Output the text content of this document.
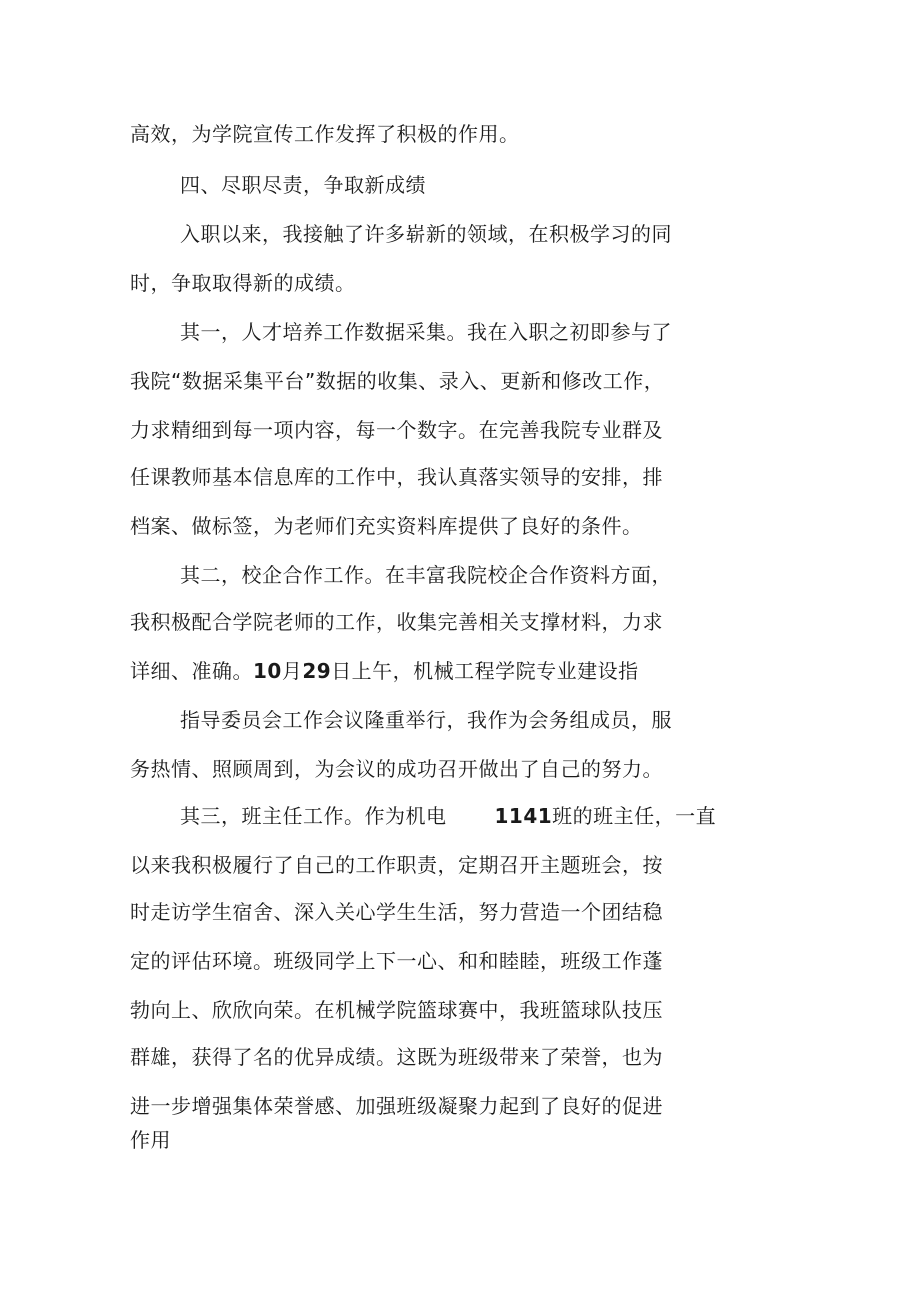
高效，为学院宣传工作发挥了积极的作用。
四、尽职尽责，争取新成绩
入职以来，我接触了许多崭新的领域，在积极学习的同
时，争取取得新的成绩。
其一，人才培养工作数据采集。我在入职之初即参与了
我院“数据采集平台”数据的收集、录入、更新和修改工作，
力求精细到每一项内容，每一个数字。在完善我院专业群及
任课教师基本信息库的工作中，我认真落实领导的安排，排
档案、做标签，为老师们充实资料库提供了良好的条件。
其二，校企合作工作。在丰富我院校企合作资料方面，
我积极配合学院老师的工作，收集完善相关支撑材料，力求
详细、准确。10月29日上午，机械工程学院专业建设指
指导委员会工作会议隆重举行，我作为会务组成员，服
务热情、照顾周到，为会议的成功召开做出了自己的努力。
其三，班主任工作。作为机电 1141班的班主任，一直
以来我积极履行了自己的工作职责，定期召开主题班会，按
时走访学生宿舍、深入关心学生生活，努力营造一个团结稳
定的评估环境。班级同学上下一心、和和睦睦，班级工作蓬
勃向上、欣欣向荣。在机械学院篮球赛中，我班篮球队技压
群雄，获得了名的优异成绩。这既为班级带来了荣誉，也为
进一步增强集体荣誉感、加强班级凝聚力起到了良好的促进
作用
